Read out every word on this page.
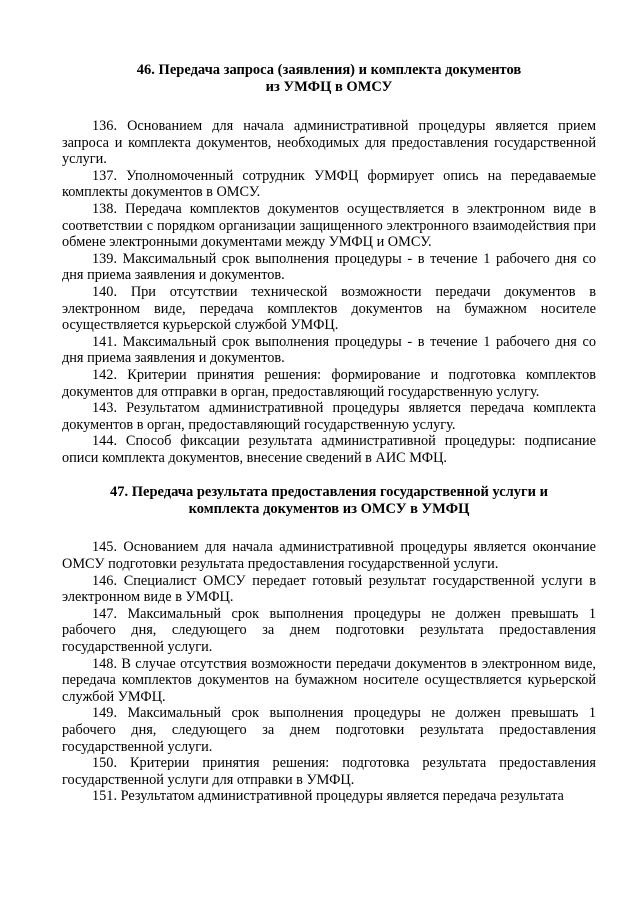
46. Передача запроса (заявления) и комплекта документов
из УМФЦ в ОМСУ

136. Основанием для начала административной процедуры является прием запроса и комплекта документов, необходимых для предоставления государственной услуги.

137. Уполномоченный сотрудник УМФЦ формирует опись на передаваемые комплекты документов в ОМСУ.

138. Передача комплектов документов осуществляется в электронном виде в соответствии с порядком организации защищенного электронного взаимодействия при обмене электронными документами между УМФЦ и ОМСУ.

139. Максимальный срок выполнения процедуры - в течение 1 рабочего дня со дня приема заявления и документов.

140. При отсутствии технической возможности передачи документов в электронном виде, передача комплектов документов на бумажном носителе осуществляется курьерской службой УМФЦ.

141. Максимальный срок выполнения процедуры - в течение 1 рабочего дня со дня приема заявления и документов.

142. Критерии принятия решения: формирование и подготовка комплектов документов для отправки в орган, предоставляющий государственную услугу.

143. Результатом административной процедуры является передача комплекта документов в орган, предоставляющий государственную услугу.

144. Способ фиксации результата административной процедуры: подписание описи комплекта документов, внесение сведений в АИС МФЦ.

47. Передача результата предоставления государственной услуги и
комплекта документов из ОМСУ в УМФЦ

145. Основанием для начала административной процедуры является окончание ОМСУ подготовки результата предоставления государственной услуги.

146. Специалист ОМСУ передает готовый результат государственной услуги в электронном виде в УМФЦ.

147. Максимальный срок выполнения процедуры не должен превышать 1 рабочего дня, следующего за днем подготовки результата предоставления государственной услуги.

148. В случае отсутствия возможности передачи документов в электронном виде, передача комплектов документов на бумажном носителе осуществляется курьерской службой УМФЦ.

149. Максимальный срок выполнения процедуры не должен превышать 1 рабочего дня, следующего за днем подготовки результата предоставления государственной услуги.

150. Критерии принятия решения: подготовка результата предоставления государственной услуги для отправки в УМФЦ.

151. Результатом административной процедуры является передача результата
